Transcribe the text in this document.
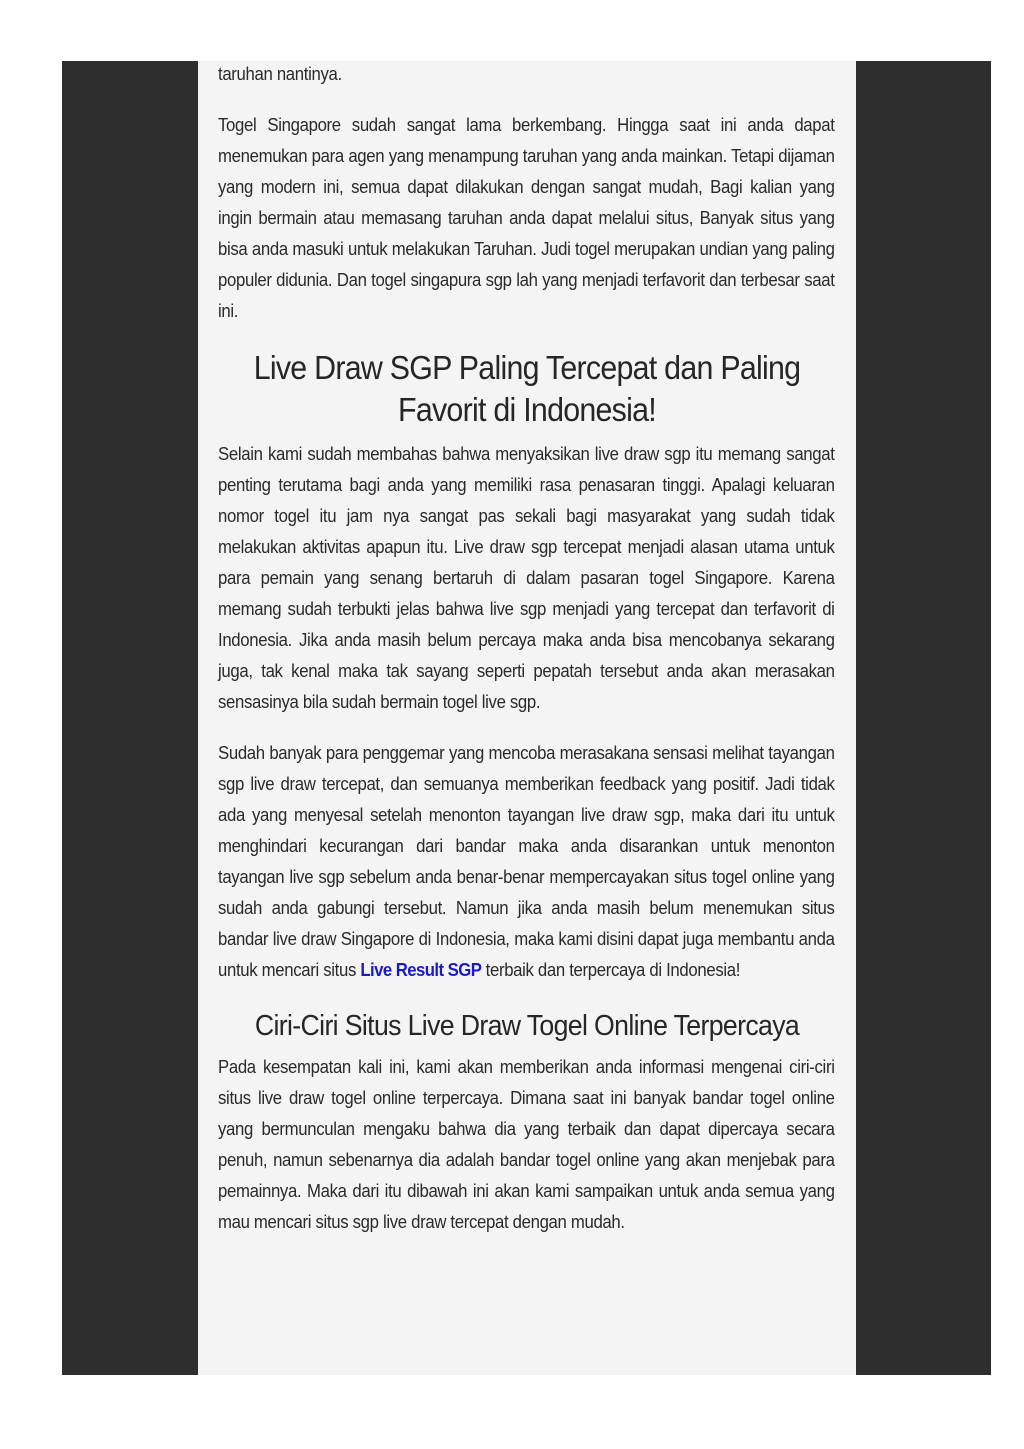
taruhan nantinya.

Togel Singapore sudah sangat lama berkembang. Hingga saat ini anda dapat menemukan para agen yang menampung taruhan yang anda mainkan. Tetapi dijaman yang modern ini, semua dapat dilakukan dengan sangat mudah, Bagi kalian yang ingin bermain atau memasang taruhan anda dapat melalui situs, Banyak situs yang bisa anda masuki untuk melakukan Taruhan. Judi togel merupakan undian yang paling populer didunia. Dan togel singapura sgp lah yang menjadi terfavorit dan terbesar saat ini.

Live Draw SGP Paling Tercepat dan Paling Favorit di Indonesia!

Selain kami sudah membahas bahwa menyaksikan live draw sgp itu memang sangat penting terutama bagi anda yang memiliki rasa penasaran tinggi. Apalagi keluaran nomor togel itu jam nya sangat pas sekali bagi masyarakat yang sudah tidak melakukan aktivitas apapun itu. Live draw sgp tercepat menjadi alasan utama untuk para pemain yang senang bertaruh di dalam pasaran togel Singapore. Karena memang sudah terbukti jelas bahwa live sgp menjadi yang tercepat dan terfavorit di Indonesia. Jika anda masih belum percaya maka anda bisa mencobanya sekarang juga, tak kenal maka tak sayang seperti pepatah tersebut anda akan merasakan sensasinya bila sudah bermain togel live sgp.

Sudah banyak para penggemar yang mencoba merasakana sensasi melihat tayangan sgp live draw tercepat, dan semuanya memberikan feedback yang positif. Jadi tidak ada yang menyesal setelah menonton tayangan live draw sgp, maka dari itu untuk menghindari kecurangan dari bandar maka anda disarankan untuk menonton tayangan live sgp sebelum anda benar-benar mempercayakan situs togel online yang sudah anda gabungi tersebut. Namun jika anda masih belum menemukan situs bandar live draw Singapore di Indonesia, maka kami disini dapat juga membantu anda untuk mencari situs Live Result SGP terbaik dan terpercaya di Indonesia!

Ciri-Ciri Situs Live Draw Togel Online Terpercaya

Pada kesempatan kali ini, kami akan memberikan anda informasi mengenai ciri-ciri situs live draw togel online terpercaya. Dimana saat ini banyak bandar togel online yang bermunculan mengaku bahwa dia yang terbaik dan dapat dipercaya secara penuh, namun sebenarnya dia adalah bandar togel online yang akan menjebak para pemainnya. Maka dari itu dibawah ini akan kami sampaikan untuk anda semua yang mau mencari situs sgp live draw tercepat dengan mudah.
